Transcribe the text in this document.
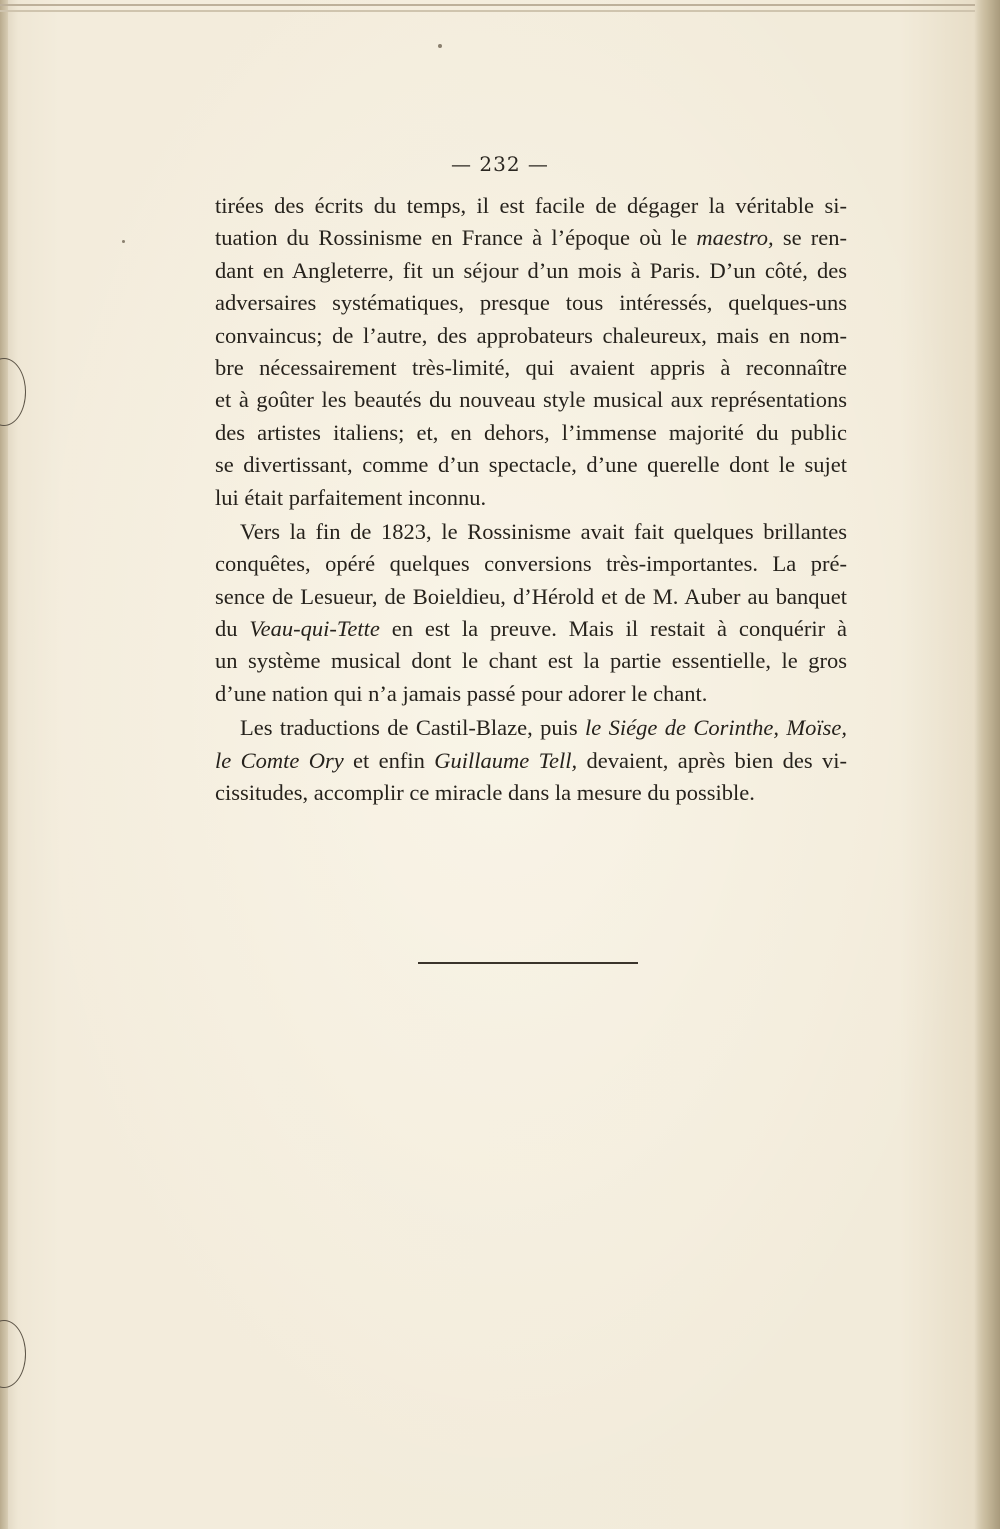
— 232 —
tirées des écrits du temps, il est facile de dégager la véritable si-
tuation du Rossinisme en France à l’époque où le maestro, se ren-
dant en Angleterre, fit un séjour d’un mois à Paris. D’un côté, des
adversaires systématiques, presque tous intéressés, quelques-uns
convaincus; de l’autre, des approbateurs chaleureux, mais en nom-
bre nécessairement très-limité, qui avaient appris à reconnaître
et à goûter les beautés du nouveau style musical aux représentations
des artistes italiens; et, en dehors, l’immense majorité du public
se divertissant, comme d’un spectacle, d’une querelle dont le sujet
lui était parfaitement inconnu.
Vers la fin de 1823, le Rossinisme avait fait quelques brillantes
conquêtes, opéré quelques conversions très-importantes. La pré-
sence de Lesueur, de Boieldieu, d’Hérold et de M. Auber au banquet
du Veau-qui-Tette en est la preuve. Mais il restait à conquérir à
un système musical dont le chant est la partie essentielle, le gros
d’une nation qui n’a jamais passé pour adorer le chant.
Les traductions de Castil-Blaze, puis le Siége de Corinthe, Moïse,
le Comte Ory et enfin Guillaume Tell, devaient, après bien des vi-
cissitudes, accomplir ce miracle dans la mesure du possible.
